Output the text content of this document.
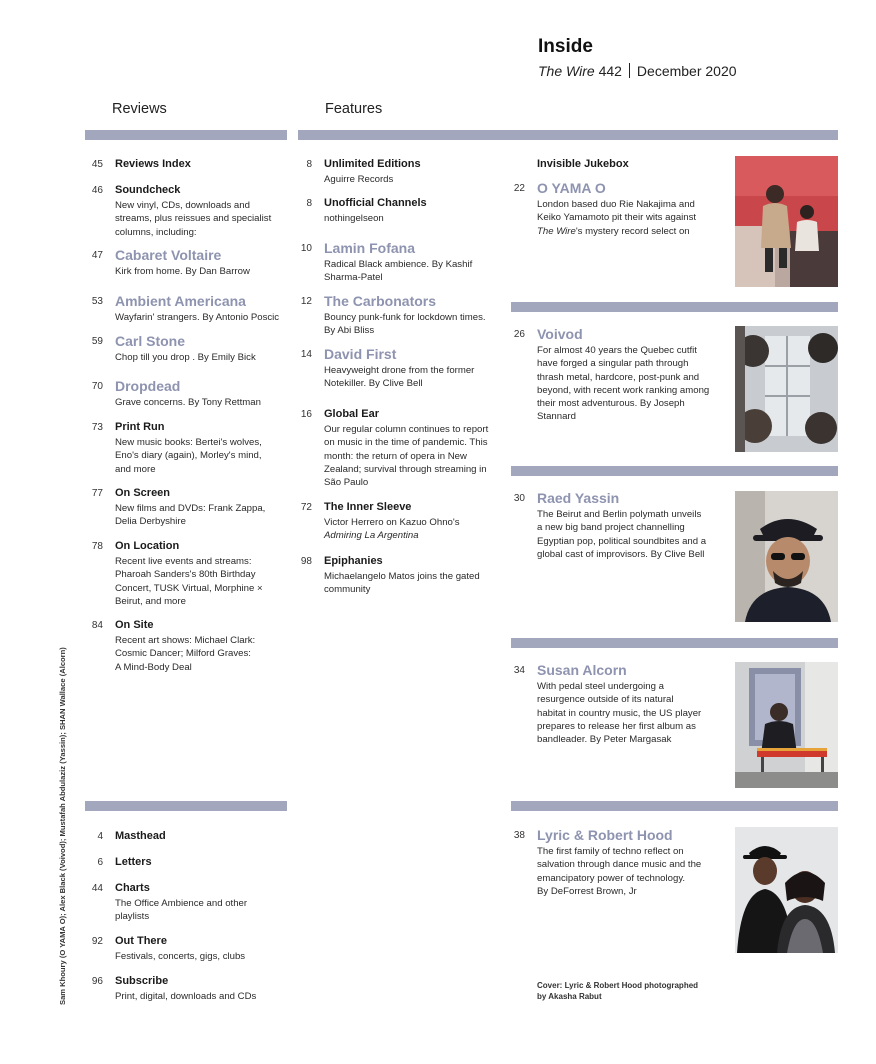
Inside
The Wire 442 December 2020
Reviews	Features
45 Reviews Index
46 Soundcheck
New vinyl, CDs, downloads and
streams, plus reissues and specialist
columns, including:
47 Cabaret Voltaire
Kirk from home. By Dan Barrow
53 Ambient Americana
Wayfarin' strangers. By Antonio Poscic
59 Carl Stone
Chop till you drop . By Emily Bick
70 Dropdead
Grave concerns. By Tony Rettman
73 Print Run
New music books: Bertei's wolves,
Eno's diary (again), Morley's mind,
and more
77 On Screen
New films and DVDs: Frank Zappa,
Delia Derbyshire
78 On Location
Recent live events and streams:
Pharoah Sanders's 80th Birthday
Concert, TUSK Virtual, Morphine ×
Beirut, and more
84 On Site
Recent art shows: Michael Clark:
Cosmic Dancer; Milford Graves:
A Mind-Body Deal
4 Masthead
6 Letters
44 Charts
The Office Ambience and other
playlists
92 Out There
Festivals, concerts, gigs, clubs
96 Subscribe
Print, digital, downloads and CDs
8 Unlimited Editions
Aguirre Records
8 Unofficial Channels
nothingelseon
10 Lamin Fofana
Radical Black ambience. By Kashif
Sharma-Patel
12 The Carbonators
Bouncy punk-funk for lockdown times.
By Abi Bliss
14 David First
Heavyweight drone from the former
Notekiller. By Clive Bell
16 Global Ear
Our regular column continues to report
on music in the time of pandemic. This
month: the return of opera in New
Zealand; survival through streaming in
São Paulo
72 The Inner Sleeve
Victor Herrero on Kazuo Ohno's
Admiring La Argentina
98 Epiphanies
Michaelangelo Matos joins the gated
community
Invisible Jukebox
22 O YAMA O
London based duo Rie Nakajima and
Keiko Yamamoto pit their wits against
The Wire's mystery record select on
26 Voivod
For almost 40 years the Quebec cutfit
have forged a singular path through
thrash metal, hardcore, post-punk and
beyond, with recent work ranking among
their most adventurous. By Joseph
Stannard
30 Raed Yassin
The Beirut and Berlin polymath unveils
a new big band project channelling
Egyptian pop, political soundbites and a
global cast of improvisors. By Clive Bell
34 Susan Alcorn
With pedal steel undergoing a
resurgence outside of its natural
habitat in country music, the US player
prepares to release her first album as
bandleader. By Peter Margasak
38 Lyric & Robert Hood
The first family of techno reflect on
salvation through dance music and the
emancipatory power of technology.
By DeForrest Brown, Jr
Sam Khoury (O YAMA O); Alex Black (Voivod); Mustafah Abdulaziz (Yassin); SHAN Wallace (Alcorn)	Cover: Lyric & Robert Hood photographed
by Akasha Rabut
